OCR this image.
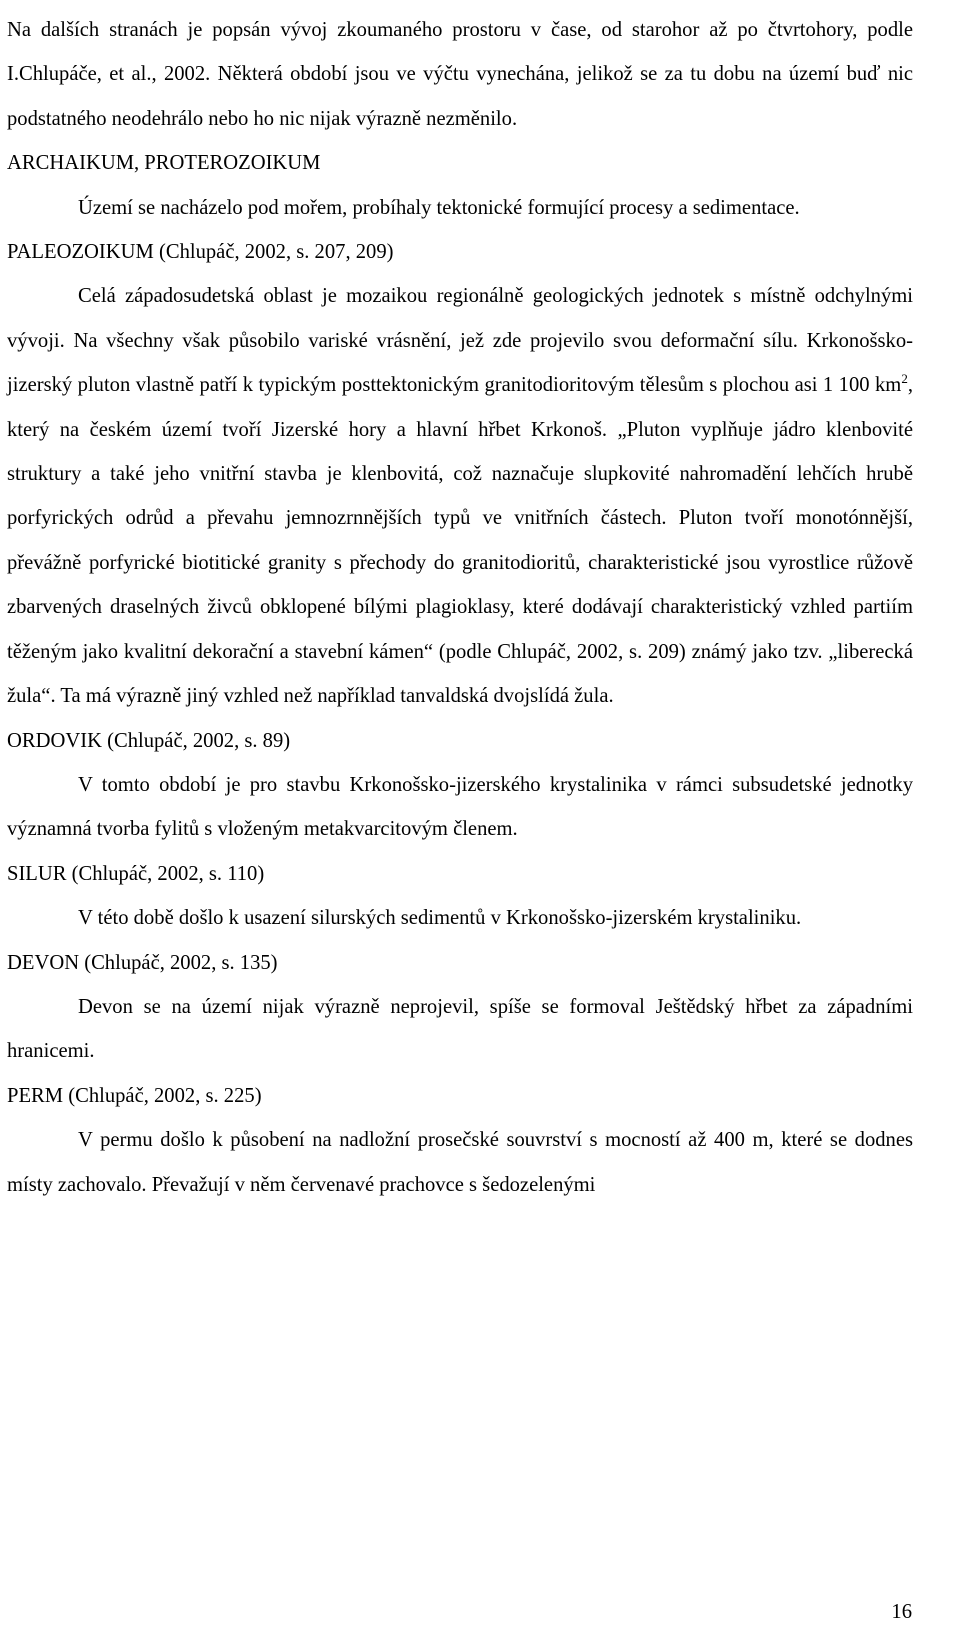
Na dalších stranách je popsán vývoj zkoumaného prostoru v čase, od starohor až po čtvrtohory, podle I.Chlupáče, et al., 2002. Některá období jsou ve výčtu vynechána, jelikož se za tu dobu na území buď nic podstatného neodehrálo nebo ho nic nijak výrazně nezměnilo.

ARCHAIKUM, PROTEROZOIKUM

Území se nacházelo pod mořem, probíhaly tektonické formující procesy a sedimentace.

PALEOZOIKUM (Chlupáč, 2002, s. 207, 209)

Celá západosudetská oblast je mozaikou regionálně geologických jednotek s místně odchylnými vývoji. Na všechny však působilo variské vrásnění, jež zde projevilo svou deformační sílu. Krkonošsko-jizerský pluton vlastně patří k typickým posttektonickým granitodioritovým tělesům s plochou asi 1 100 $km^2$, který na českém území tvoří Jizerské hory a hlavní hřbet Krkonoš. „Pluton vyplňuje jádro klenbovité struktury a také jeho vnitřní stavba je klenbovitá, což naznačuje slupkovité nahromadění lehčích hrubě porfyrických odrůd a převahu jemnozrnnějších typů ve vnitřních částech. Pluton tvoří monotónnější, převážně porfyrické biotitické granity s přechody do granitodioritů, charakteristické jsou vyrostlice růžově zbarvených draselných živců obklopené bílými plagioklasy, které dodávají charakteristický vzhled partiím těženým jako kvalitní dekorační a stavební kámen“ (podle Chlupáč, 2002, s. 209) známý jako tzv. „liberecká žula“. Ta má výrazně jiný vzhled než například tanvaldská dvojslídá žula.

ORDOVIK (Chlupáč, 2002, s. 89)

V tomto období je pro stavbu Krkonošsko-jizerského krystalinika v rámci subsudetské jednotky významná tvorba fylitů s vloženým metakvarcitovým členem.

SILUR (Chlupáč, 2002, s. 110)

V této době došlo k usazení silurských sedimentů v Krkonošsko-jizerském krystaliniku.

DEVON (Chlupáč, 2002, s. 135)

Devon se na území nijak výrazně neprojevil, spíše se formoval Ještědský hřbet za západními hranicemi.

PERM (Chlupáč, 2002, s. 225)

V permu došlo k působení na nadložní prosečské souvrství s mocností až 400 m, které se dodnes místy zachovalo. Převažují v něm červenavé prachovce s šedozelenými

16
